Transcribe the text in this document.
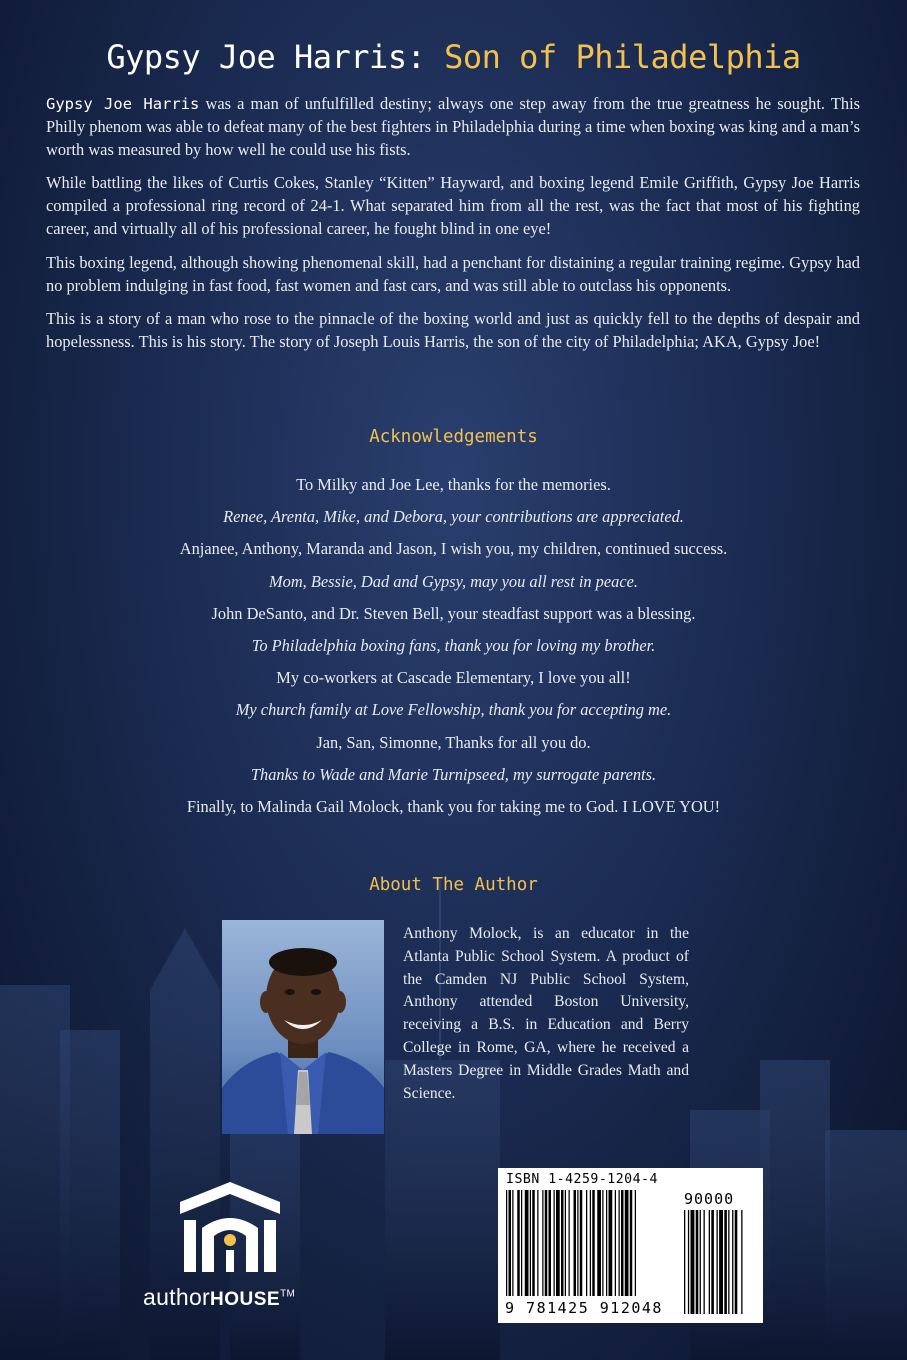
Gypsy Joe Harris: Son of Philadelphia

Gypsy Joe Harris was a man of unfulfilled destiny; always one step away from the true greatness he sought. This Philly phenom was able to defeat many of the best fighters in Philadelphia during a time when boxing was king and a man’s worth was measured by how well he could use his fists.

While battling the likes of Curtis Cokes, Stanley “Kitten” Hayward, and boxing legend Emile Griffith, Gypsy Joe Harris compiled a professional ring record of 24-1. What separated him from all the rest, was the fact that most of his fighting career, and virtually all of his professional career, he fought blind in one eye!

This boxing legend, although showing phenomenal skill, had a penchant for distaining a regular training regime. Gypsy had no problem indulging in fast food, fast women and fast cars, and was still able to outclass his opponents.

This is a story of a man who rose to the pinnacle of the boxing world and just as quickly fell to the depths of despair and hopelessness. This is his story. The story of Joseph Louis Harris, the son of the city of Philadelphia; AKA, Gypsy Joe!

Acknowledgements
To Milky and Joe Lee, thanks for the memories.
Renee, Arenta, Mike, and Debora, your contributions are appreciated.
Anjanee, Anthony, Maranda and Jason, I wish you, my children, continued success.
Mom, Bessie, Dad and Gypsy, may you all rest in peace.
John DeSanto, and Dr. Steven Bell, your steadfast support was a blessing.
To Philadelphia boxing fans, thank you for loving my brother.
My co-workers at Cascade Elementary, I love you all!
My church family at Love Fellowship, thank you for accepting me.
Jan, San, Simonne, Thanks for all you do.
Thanks to Wade and Marie Turnipseed, my surrogate parents.
Finally, to Malinda Gail Molock, thank you for taking me to God. I LOVE YOU!
About The Author
Anthony Molock, is an educator in the Atlanta Public School System. A product of the Camden NJ Public School System, Anthony attended Boston University, receiving a B.S. in Education and Berry College in Rome, GA, where he received a Masters Degree in Middle Grades Math and Science.
ISBN 1-4259-1204-4
90000
9 781425 912048
authorHOUSE™
